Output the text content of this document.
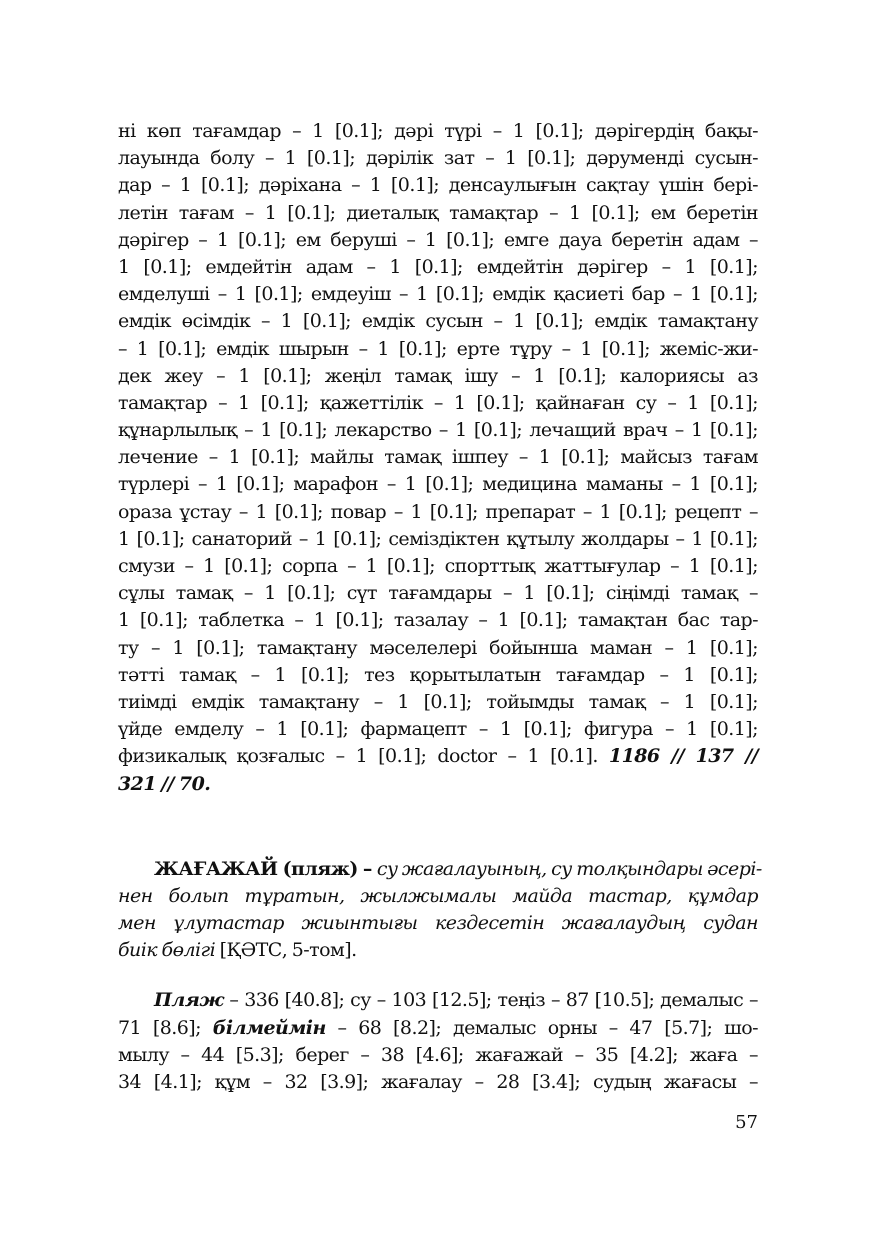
ні көп тағамдар – 1 [0.1]; дәрі түрі – 1 [0.1]; дәрігердің бақы-
лауында болу – 1 [0.1]; дәрілік зат – 1 [0.1]; дәруменді сусын-
дар – 1 [0.1]; дәріхана – 1 [0.1]; денсаулығын сақтау үшін берi-
летін тағам – 1 [0.1]; диеталық тамақтар – 1 [0.1]; ем беретін
дәрігер – 1 [0.1]; ем беруші – 1 [0.1]; емге дауа беретін адам –
1 [0.1]; емдейтін адам – 1 [0.1]; емдейтін дәрігер – 1 [0.1];
емделуші – 1 [0.1]; емдеуіш – 1 [0.1]; емдік қасиеті бар – 1 [0.1];
емдік өсімдік – 1 [0.1]; емдік сусын – 1 [0.1]; емдік тамақтану
– 1 [0.1]; емдік шырын – 1 [0.1]; ерте тұру – 1 [0.1]; жеміс-жи-
дек жеу – 1 [0.1]; жеңіл тамақ ішу – 1 [0.1]; калориясы аз
тамақтар – 1 [0.1]; қажеттілік – 1 [0.1]; қайнаған су – 1 [0.1];
құнарлылық – 1 [0.1]; лекарство – 1 [0.1]; лечащий врач – 1 [0.1];
лечение – 1 [0.1]; майлы тамақ ішпеу – 1 [0.1]; майсыз тағам
түрлері – 1 [0.1]; марафон – 1 [0.1]; медицина маманы – 1 [0.1];
ораза ұстау – 1 [0.1]; повар – 1 [0.1]; препарат – 1 [0.1]; рецепт –
1 [0.1]; санаторий – 1 [0.1]; семіздіктен құтылу жолдары – 1 [0.1];
смузи – 1 [0.1]; сорпа – 1 [0.1]; спорттық жаттығулар – 1 [0.1];
сұлы тамақ – 1 [0.1]; сүт тағамдары – 1 [0.1]; сіңімді тамақ –
1 [0.1]; таблетка – 1 [0.1]; тазалау – 1 [0.1]; тамақтан бас тар-
ту – 1 [0.1]; тамақтану мәселелері бойынша маман – 1 [0.1];
тәтті тамақ – 1 [0.1]; тез қорытылатын тағамдар – 1 [0.1];
тиімді емдік тамақтану – 1 [0.1]; тойымды тамақ – 1 [0.1];
үйде емделу – 1 [0.1]; фармацепт – 1 [0.1]; фигура – 1 [0.1];
физикалық қозғалыс – 1 [0.1]; doctor – 1 [0.1]. 1186 // 137 //
321 // 70.
ЖАҒАЖАЙ (пляж) – су жағалауының, су толқындары әсері-
нен болып тұратын, жылжымалы майда тастар, құмдар
мен ұлутастар жиынтығы кездесетін жағалаудың судан
биік бөлігі [ҚӘТС, 5-том].
Пляж – 336 [40.8]; су – 103 [12.5]; теңіз – 87 [10.5]; демалыс –
71 [8.6]; білмеймін – 68 [8.2]; демалыс орны – 47 [5.7]; шо-
мылу – 44 [5.3]; берег – 38 [4.6]; жағажай – 35 [4.2]; жаға –
34 [4.1]; құм – 32 [3.9]; жағалау – 28 [3.4]; судың жағасы –
57
